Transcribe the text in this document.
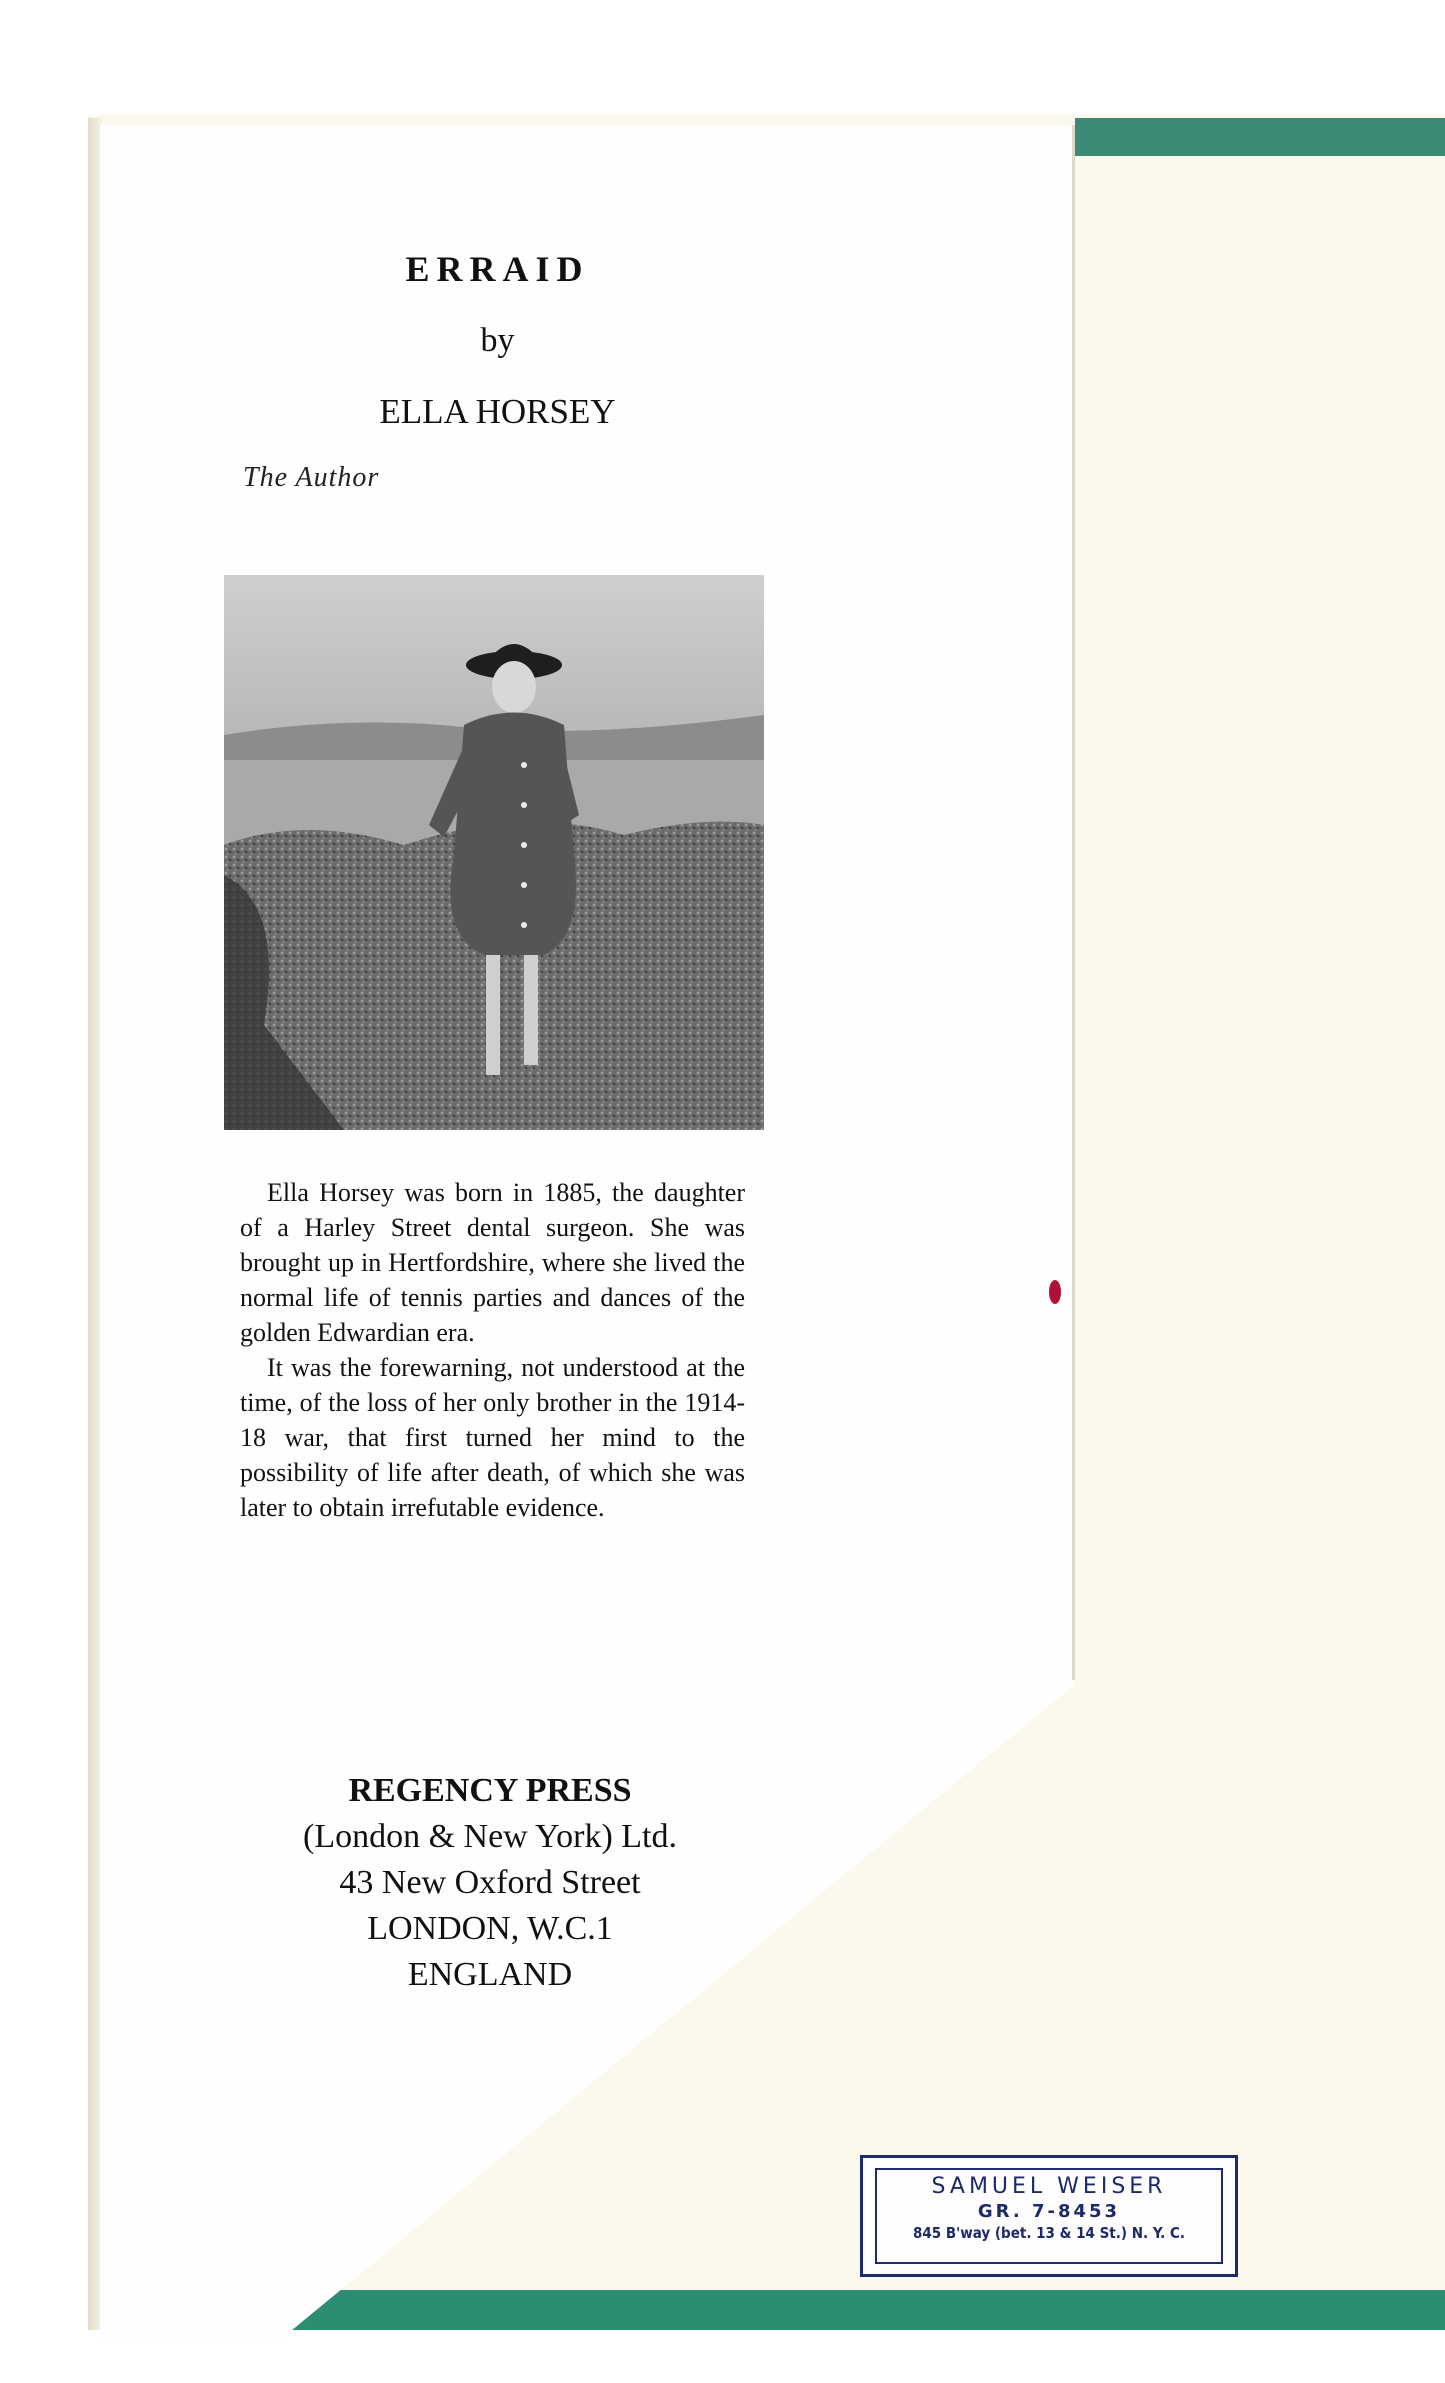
ERRAID
by
ELLA HORSEY
The Author

Ella Horsey was born in 1885, the daughter of a Harley Street dental surgeon. She was brought up in Hertfordshire, where she lived the normal life of tennis parties and dances of the golden Edwardian era.

It was the forewarning, not understood at the time, of the loss of her only brother in the 1914-18 war, that first turned her mind to the possibility of life after death, of which she was later to obtain irrefutable evidence.

REGENCY PRESS
(London & New York) Ltd.
43 New Oxford Street
LONDON, W.C.1
ENGLAND
SAMUEL WEISER
GR. 7-8453
845 B'way (bet. 13 & 14 St.) N. Y. C.
